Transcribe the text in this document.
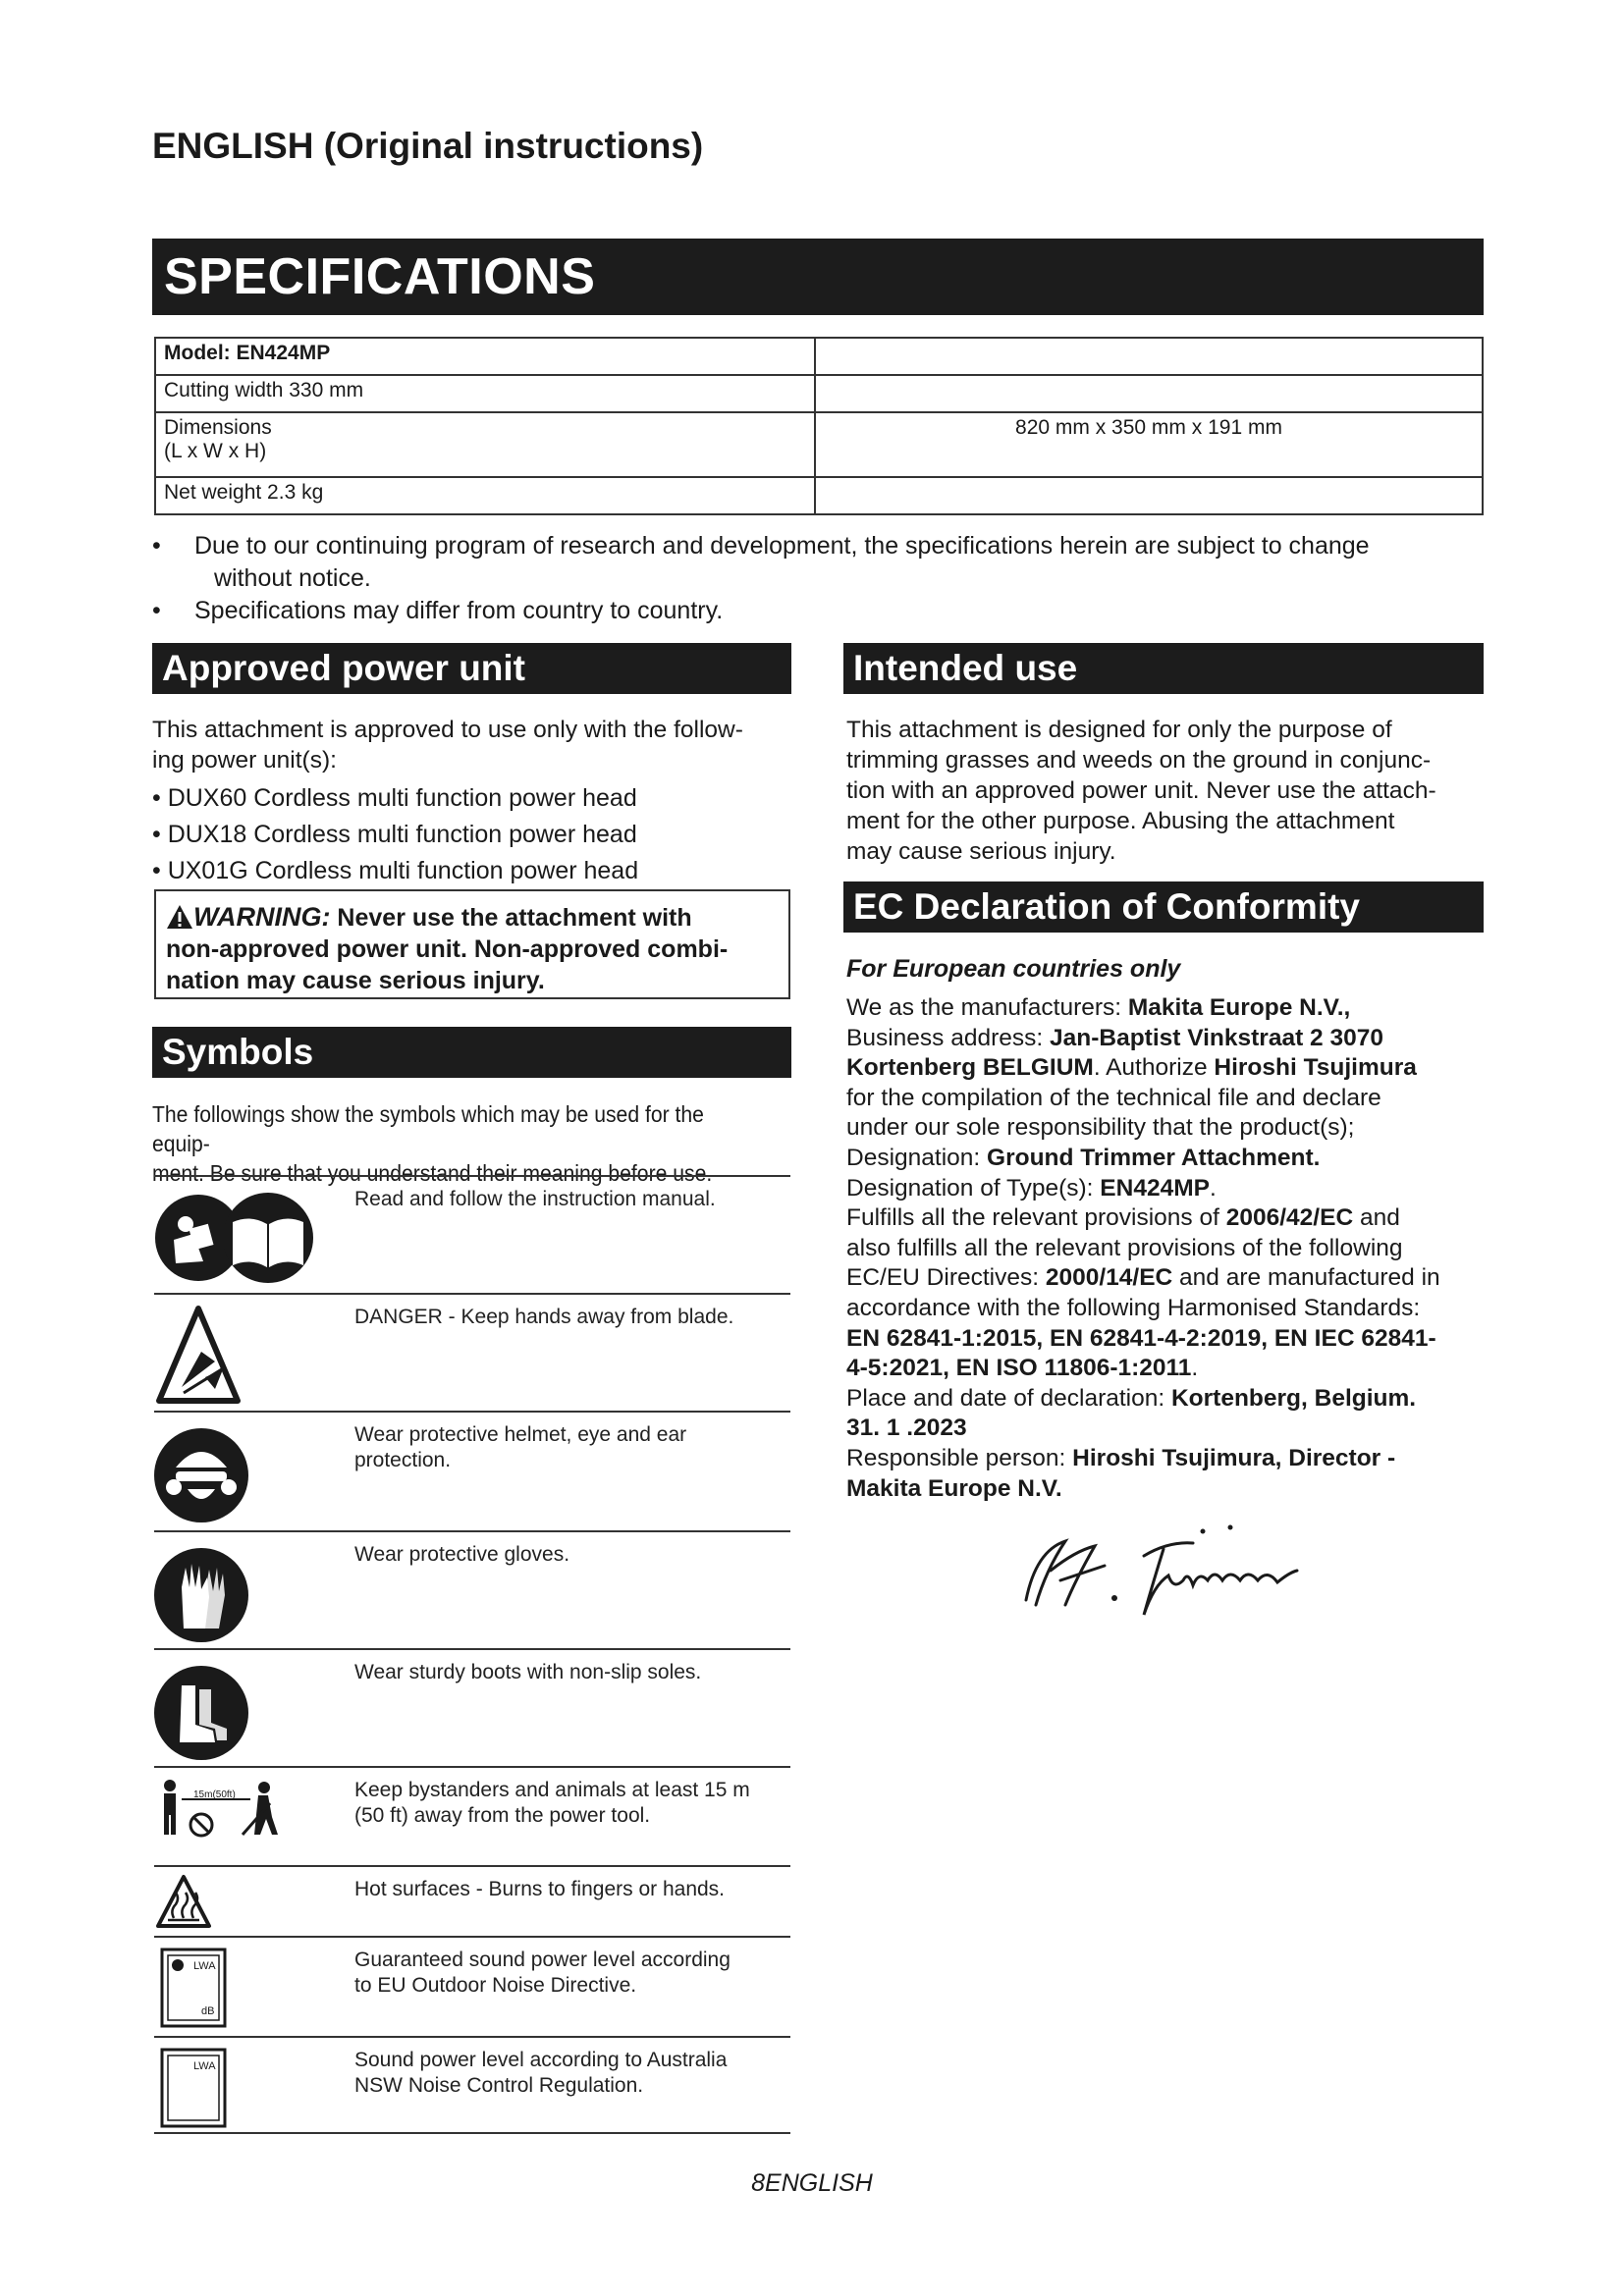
ENGLISH (Original instructions)
SPECIFICATIONS
Model: EN424MP	
Cutting width 330 mm	

Dimensions
(L x W x H)	820 mm x 350 mm x 191 mm
Net weight 2.3 kg	
• Due to our continuing program of research and development, the specifications herein are subject to change
without notice.
• Specifications may differ from country to country.
Approved power unit

This attachment is approved to use only with the follow-
ing power unit(s):

• DUX60 Cordless multi function power head
• DUX18 Cordless multi function power head
• UX01G Cordless multi function power head
WARNING: Never use the attachment with
non-approved power unit. Non-approved combi-
nation may cause serious injury.
Symbols

The followings show the symbols which may be used for the equip-
ment. Be sure that you understand their meaning before use.

Read and follow the instruction manual.
DANGER - Keep hands away from blade.
Wear protective helmet, eye and ear
protection.
Wear protective gloves.
Wear sturdy boots with non-slip soles.
15m(50ft)	Keep bystanders and animals at least 15 m
(50 ft) away from the power tool.
Hot surfaces - Burns to fingers or hands.
LWA
dB
Guaranteed sound power level according
to EU Outdoor Noise Directive.
LWA	Sound power level according to Australia
NSW Noise Control Regulation.
Intended use

This attachment is designed for only the purpose of
trimming grasses and weeds on the ground in conjunc-
tion with an approved power unit. Never use the attach-
ment for the other purpose. Abusing the attachment
may cause serious injury.

EC Declaration of Conformity

For European countries only

We as the manufacturers: Makita Europe N.V.,
Business address: Jan-Baptist Vinkstraat 2 3070
Kortenberg BELGIUM. Authorize Hiroshi Tsujimura
for the compilation of the technical file and declare
under our sole responsibility that the product(s);
Designation: Ground Trimmer Attachment.
Designation of Type(s): EN424MP.
Fulfills all the relevant provisions of 2006/42/EC and
also fulfills all the relevant provisions of the following
EC/EU Directives: 2000/14/EC and are manufactured in
accordance with the following Harmonised Standards:
EN 62841-1:2015, EN 62841-4-2:2019, EN IEC 62841-
4-5:2021, EN ISO 11806-1:2011.
Place and date of declaration: Kortenberg, Belgium.
31. 1 .2023
Responsible person: Hiroshi Tsujimura, Director -
Makita Europe N.V.

8ENGLISH
